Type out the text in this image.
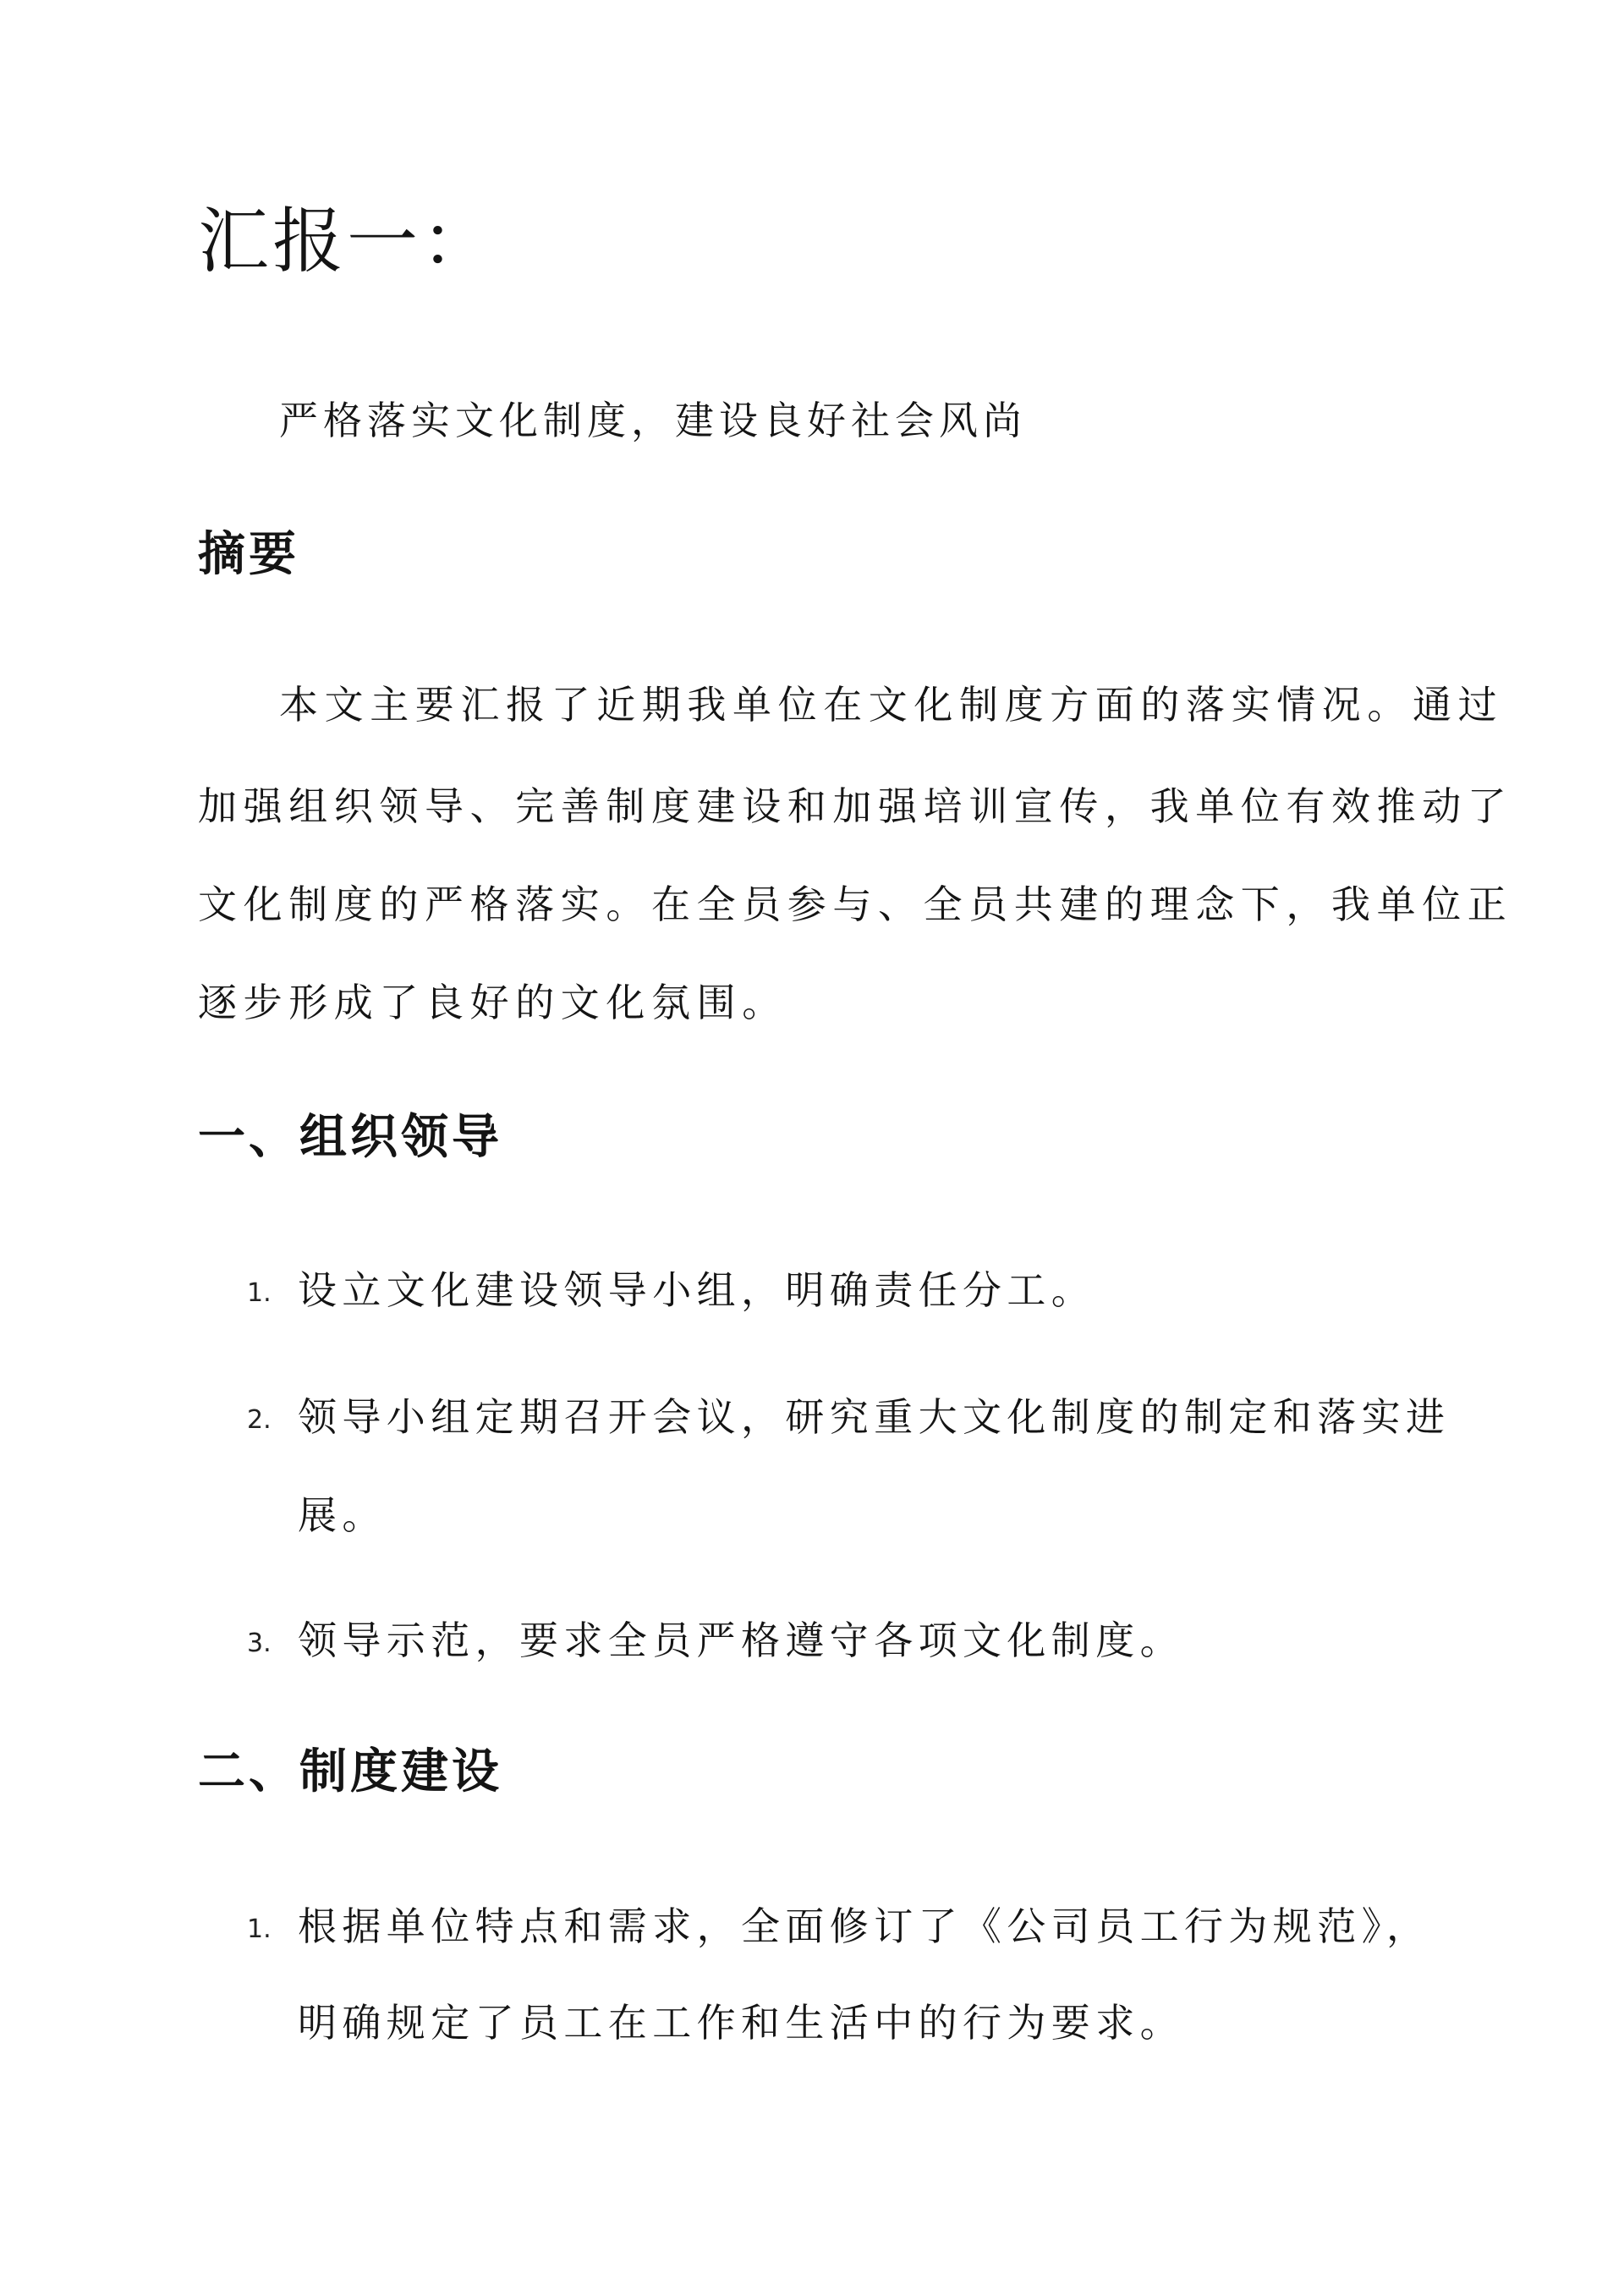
汇报一：

严格落实文化制度，建设良好社会风尚

摘要

本文主要汇报了近期我单位在文化制度方面的落实情况。通过

加强组织领导、完善制度建设和加强培训宣传，我单位有效推动了

文化制度的严格落实。在全员参与、全员共建的理念下，我单位正

逐步形成了良好的文化氛围。

一、组织领导
1. 设立文化建设领导小组，明确责任分工。
2. 领导小组定期召开会议，研究重大文化制度的制定和落实进
展。
3. 领导示范，要求全员严格遵守各项文化制度。
二、制度建设
1. 根据单位特点和需求，全面修订了《公司员工行为规范》，
明确规定了员工在工作和生活中的行为要求。
